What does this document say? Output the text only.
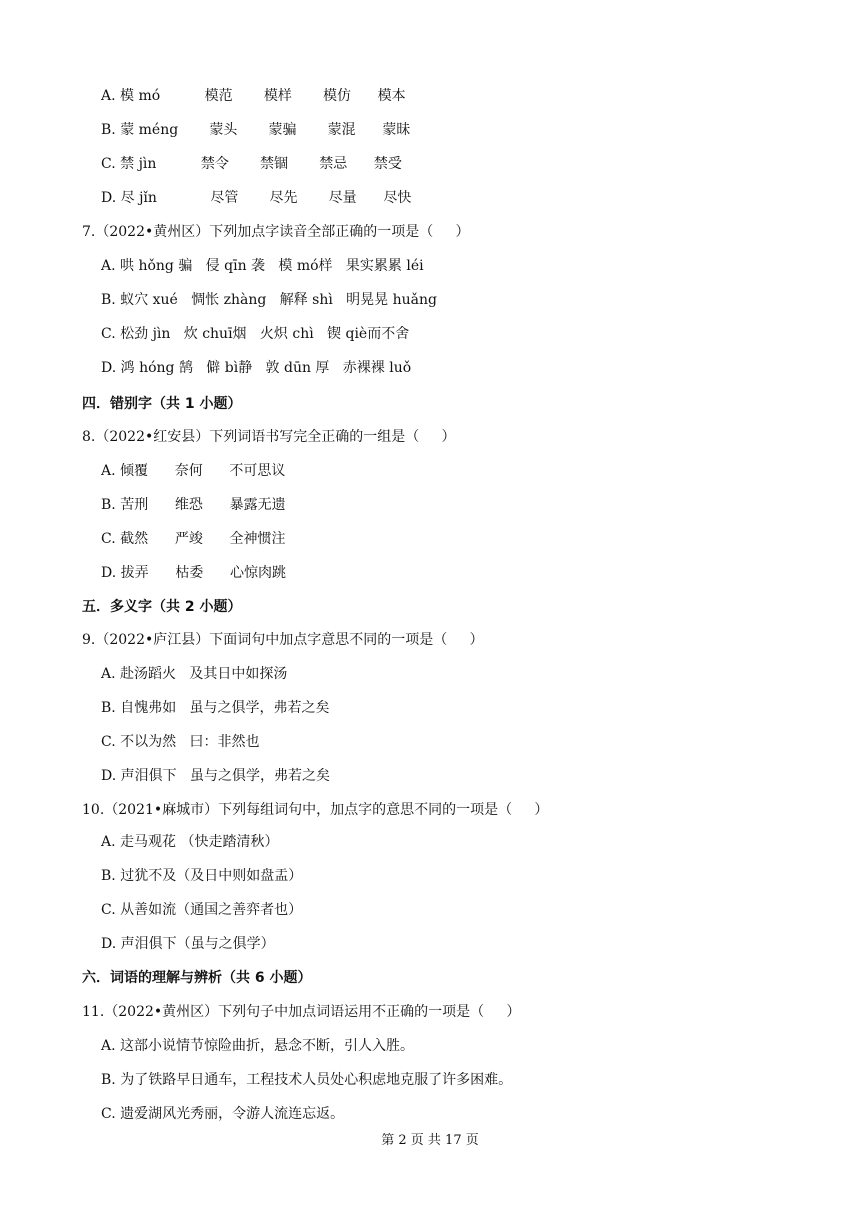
A. 模 mó          模范       模样       模仿      模本
B. 蒙 méng       蒙头       蒙骗       蒙混      蒙昧
C. 禁 jìn          禁令       禁锢       禁忌      禁受
D. 尽 jǐn            尽管       尽先       尽量      尽快
7.（2022•黄州区）下列加点字读音全部正确的一项是（     ）
A. 哄 hǒng 骗   侵 qīn 袭   模 mó样   果实累累 léi
B. 蚁穴 xué   惆怅 zhàng   解释 shì   明晃晃 huǎng
C. 松劲 jìn   炊 chuī烟   火炽 chì   锲 qiè而不舍
D. 鸿 hóng 鹄   僻 bì静   敦 dūn 厚   赤裸裸 luǒ
四．错别字（共 1 小题）
8.（2022•红安县）下列词语书写完全正确的一组是（     ）
A. 倾覆      奈何      不可思议
B. 苦刑      维恐      暴露无遗
C. 截然      严竣      全神惯注
D. 拔弄      枯委      心惊肉跳
五．多义字（共 2 小题）
9.（2022•庐江县）下面词句中加点字意思不同的一项是（     ）
A. 赴汤蹈火   及其日中如探汤
B. 自愧弗如   虽与之俱学，弗若之矣
C. 不以为然   曰：非然也
D. 声泪俱下   虽与之俱学，弗若之矣
10.（2021•麻城市）下列每组词句中，加点字的意思不同的一项是（     ）
A. 走马观花 （快走踏清秋）
B. 过犹不及（及日中则如盘盂）
C. 从善如流（通国之善弈者也）
D. 声泪俱下（虽与之俱学）
六．词语的理解与辨析（共 6 小题）
11.（2022•黄州区）下列句子中加点词语运用不正确的一项是（     ）
A. 这部小说情节惊险曲折，悬念不断，引人入胜。
B. 为了铁路早日通车，工程技术人员处心积虑地克服了许多困难。
C. 遗爱湖风光秀丽，令游人流连忘返。
第 2 页 共 17 页
